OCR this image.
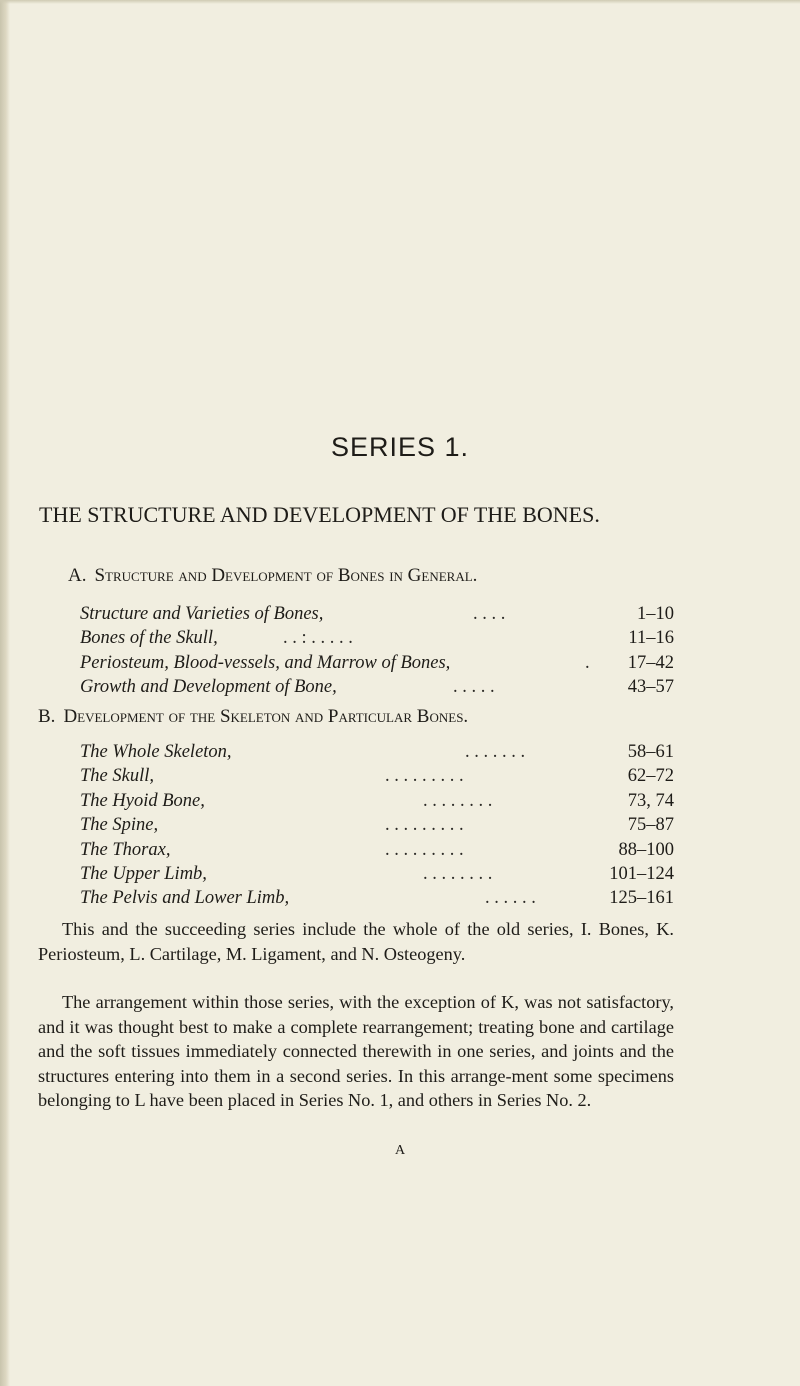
SERIES 1.
THE STRUCTURE AND DEVELOPMENT OF THE BONES.
A. Structure and Development of Bones in General.
Structure and Varieties of Bones,	. . . .	1–10
Bones of the Skull,	. . : . . . . .	11–16
Periosteum, Blood-vessels, and Marrow of Bones,	. 17–42
Growth and Development of Bone,	. . . . .	43–57
B. Development of the Skeleton and Particular Bones.
The Whole Skeleton,	. . . . . . .	58–61
The Skull,	. . . . . . . . .	62–72
The Hyoid Bone,	. . . . . . . .	73, 74
The Spine,	. . . . . . . . .	75–87
The Thorax,	. . . . . . . . .	88–100
The Upper Limb,	. . . . . . . .	101–124
The Pelvis and Lower Limb,	. . . . . .	125–161

This and the succeeding series include the whole of the old series, I. Bones, K. Periosteum, L. Cartilage, M. Ligament, and N. Osteogeny.

The arrangement within those series, with the exception of K, was not satisfactory, and it was thought best to make a complete rearrangement; treating bone and cartilage and the soft tissues immediately connected therewith in one series, and joints and the structures entering into them in a second series. In this arrange-ment some specimens belonging to L have been placed in Series No. 1, and others in Series No. 2.

A
